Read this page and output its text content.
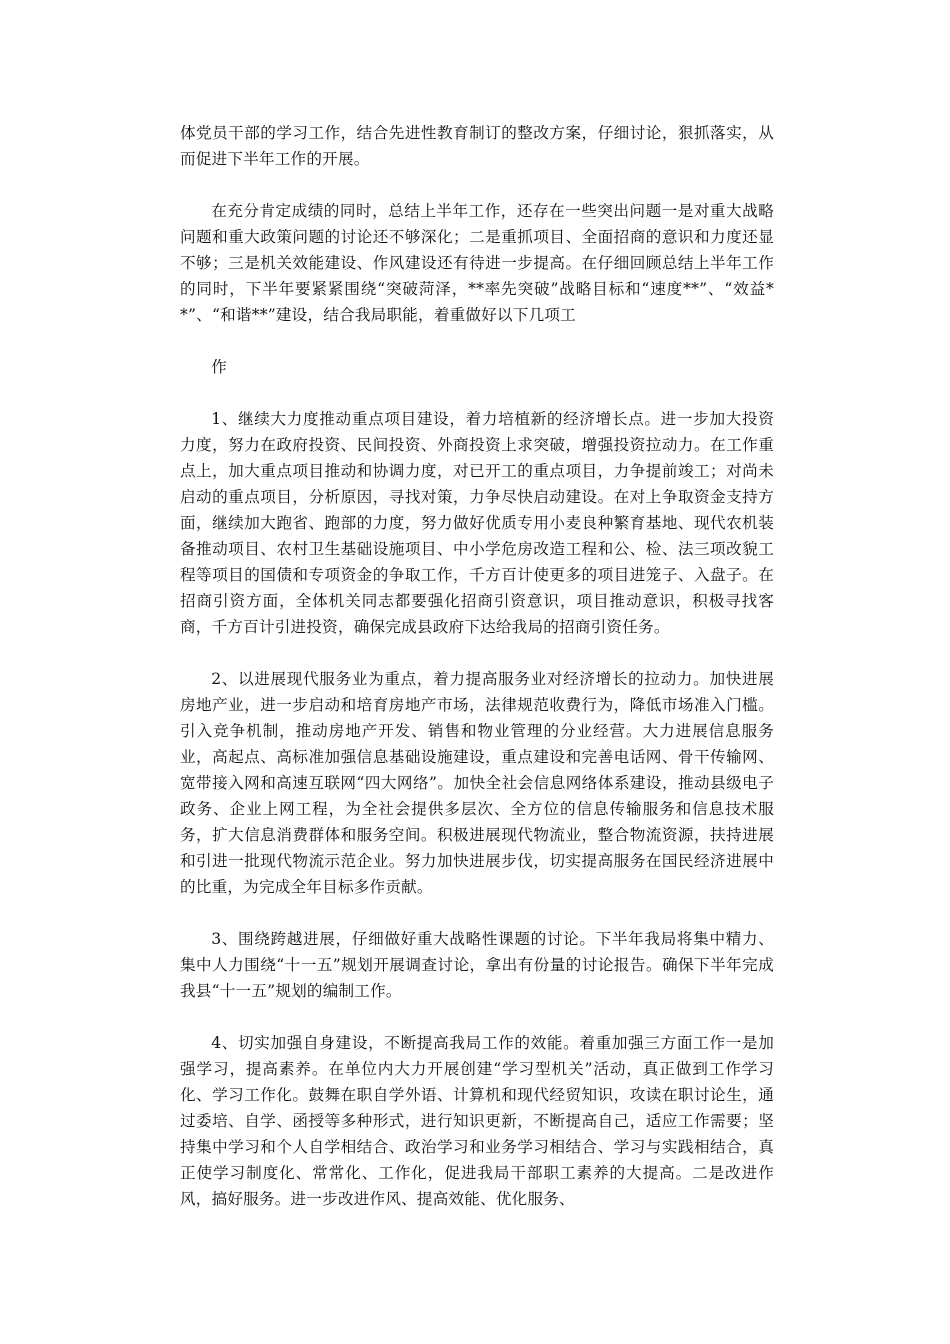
体党员干部的学习工作，结合先进性教育制订的整改方案，仔细讨论，狠抓落实，从而促进下半年工作的开展。

在充分肯定成绩的同时，总结上半年工作，还存在一些突出问题一是对重大战略问题和重大政策问题的讨论还不够深化；二是重抓项目、全面招商的意识和力度还显不够；三是机关效能建设、作风建设还有待进一步提高。在仔细回顾总结上半年工作的同时，下半年要紧紧围绕“突破菏泽，**率先突破”战略目标和“速度**”、“效益**”、“和谐**”建设，结合我局职能，着重做好以下几项工

作

1、继续大力度推动重点项目建设，着力培植新的经济增长点。进一步加大投资力度，努力在政府投资、民间投资、外商投资上求突破，增强投资拉动力。在工作重点上，加大重点项目推动和协调力度，对已开工的重点项目，力争提前竣工；对尚未启动的重点项目，分析原因，寻找对策，力争尽快启动建设。在对上争取资金支持方面，继续加大跑省、跑部的力度，努力做好优质专用小麦良种繁育基地、现代农机装备推动项目、农村卫生基础设施项目、中小学危房改造工程和公、检、法三项改貌工程等项目的国债和专项资金的争取工作，千方百计使更多的项目进笼子、入盘子。在招商引资方面，全体机关同志都要强化招商引资意识，项目推动意识，积极寻找客商，千方百计引进投资，确保完成县政府下达给我局的招商引资任务。

2、以进展现代服务业为重点，着力提高服务业对经济增长的拉动力。加快进展房地产业，进一步启动和培育房地产市场，法律规范收费行为，降低市场准入门槛。引入竞争机制，推动房地产开发、销售和物业管理的分业经营。大力进展信息服务业，高起点、高标准加强信息基础设施建设，重点建设和完善电话网、骨干传输网、宽带接入网和高速互联网“四大网络”。加快全社会信息网络体系建设，推动县级电子政务、企业上网工程，为全社会提供多层次、全方位的信息传输服务和信息技术服务，扩大信息消费群体和服务空间。积极进展现代物流业，整合物流资源，扶持进展和引进一批现代物流示范企业。努力加快进展步伐，切实提高服务在国民经济进展中的比重，为完成全年目标多作贡献。

3、围绕跨越进展，仔细做好重大战略性课题的讨论。下半年我局将集中精力、集中人力围绕“十一五”规划开展调查讨论，拿出有份量的讨论报告。确保下半年完成我县“十一五”规划的编制工作。

4、切实加强自身建设，不断提高我局工作的效能。着重加强三方面工作一是加强学习，提高素养。在单位内大力开展创建“学习型机关”活动，真正做到工作学习化、学习工作化。鼓舞在职自学外语、计算机和现代经贸知识，攻读在职讨论生，通过委培、自学、函授等多种形式，进行知识更新，不断提高自己，适应工作需要；坚持集中学习和个人自学相结合、政治学习和业务学习相结合、学习与实践相结合，真正使学习制度化、常常化、工作化，促进我局干部职工素养的大提高。二是改进作风，搞好服务。进一步改进作风、提高效能、优化服务、
